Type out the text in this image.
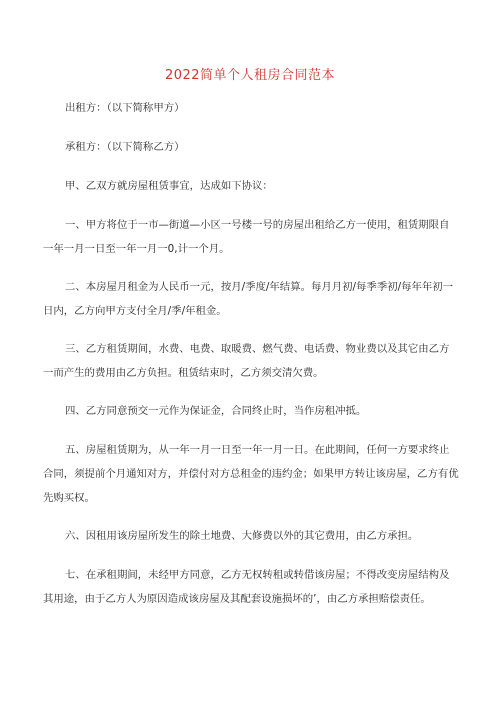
2022简单个人租房合同范本

出租方：（以下简称甲方）

承租方：（以下简称乙方）

甲、乙双方就房屋租赁事宜，达成如下协议：

一、甲方将位于一市—街道—小区一号楼一号的房屋出租给乙方一使用，租赁期限自一年一月一日至一年一月一0,计一个月。

二、本房屋月租金为人民币一元，按月/季度/年结算。每月月初/每季季初/每年年初一日内，乙方向甲方支付全月/季/年租金。

三、乙方租赁期间，水费、电费、取暖费、燃气费、电话费、物业费以及其它由乙方一而产生的费用由乙方负担。租赁结束时，乙方须交清欠费。

四、乙方同意预交一元作为保证金，合同终止时，当作房租冲抵。

五、房屋租赁期为，从一年一月一日至一年一月一日。在此期间，任何一方要求终止合同，须提前个月通知对方，并偿付对方总租金的违约金；如果甲方转让该房屋，乙方有优先购买权。

六、因租用该房屋所发生的除土地费、大修费以外的其它费用，由乙方承担。

七、在承租期间，未经甲方同意，乙方无权转租或转借该房屋；不得改变房屋结构及其用途，由于乙方人为原因造成该房屋及其配套设施损坏的’，由乙方承担赔偿责任。
